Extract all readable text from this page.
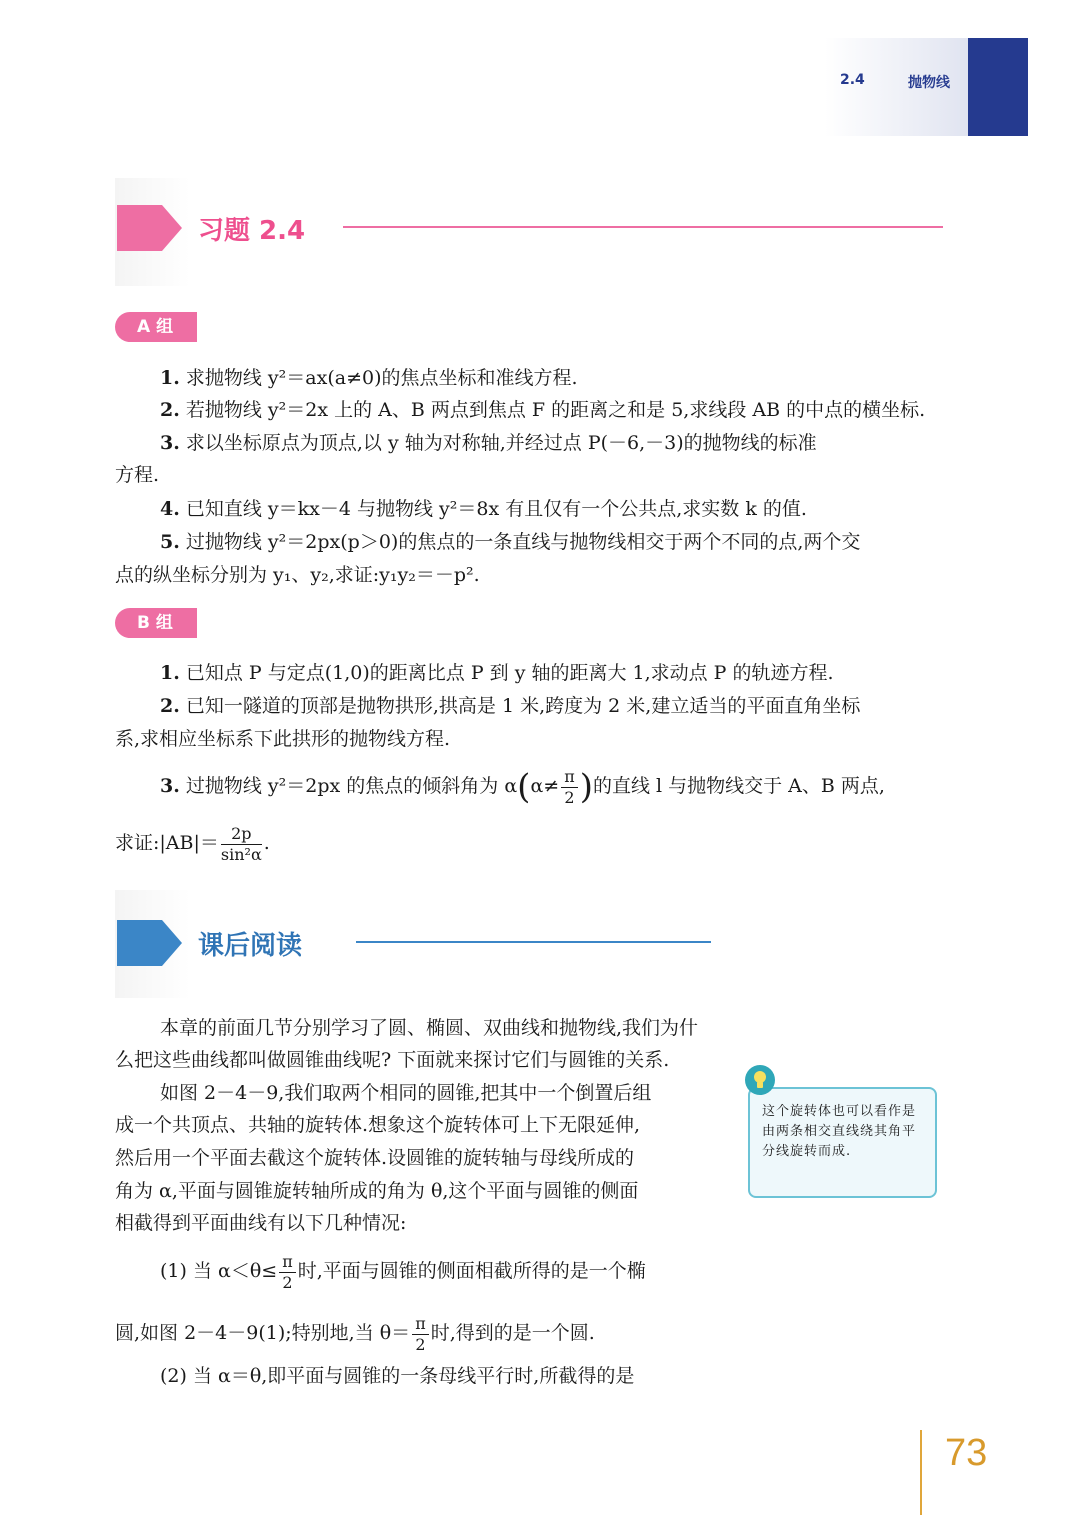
2.4	抛物线
习题 2.4
A 组
1. 求抛物线 y²＝ax(a≠0)的焦点坐标和准线方程.
2. 若抛物线 y²＝2x 上的 A、B 两点到焦点 F 的距离之和是 5,求线段 AB 的中点的横坐标.
3. 求以坐标原点为顶点,以 y 轴为对称轴,并经过点 P(－6,－3)的抛物线的标准
方程.
4. 已知直线 y＝kx－4 与抛物线 y²＝8x 有且仅有一个公共点,求实数 k 的值.
5. 过抛物线 y²＝2px(p＞0)的焦点的一条直线与抛物线相交于两个不同的点,两个交
点的纵坐标分别为 y₁、y₂,求证:y₁y₂＝－p².
B 组
1. 已知点 P 与定点(1,0)的距离比点 P 到 y 轴的距离大 1,求动点 P 的轨迹方程.
2. 已知一隧道的顶部是抛物拱形,拱高是 1 米,跨度为 2 米,建立适当的平面直角坐标
系,求相应坐标系下此拱形的抛物线方程.
3. 过抛物线 y²＝2px 的焦点的倾斜角为 $\alpha(\alpha\ne \frac{\pi}{2}$ )的直线 l 与抛物线交于 A、B 两点,
求证:|AB|＝ $\frac{2p}{\text{sin²α}}$ .
课后阅读
本章的前面几节分别学习了圆、椭圆、双曲线和抛物线,我们为什
么把这些曲线都叫做圆锥曲线呢? 下面就来探讨它们与圆锥的关系.
如图 2－4－9,我们取两个相同的圆锥,把其中一个倒置后组
成一个共顶点、共轴的旋转体.想象这个旋转体可上下无限延伸,
然后用一个平面去截这个旋转体.设圆锥的旋转轴与母线所成的
角为 α,平面与圆锥旋转轴所成的角为 θ,这个平面与圆锥的侧面
相截得到平面曲线有以下几种情况:
(1) 当 $\alpha<\theta\le \frac{\pi}{2}$ 时,平面与圆锥的侧面相截所得的是一个椭
圆,如图 2－4－9(1);特别地,当 $\theta= \frac{\pi}{2}$ 时,得到的是一个圆.
(2) 当 α＝θ,即平面与圆锥的一条母线平行时,所截得的是
这个旋转体也可以看作是由两条相交直线绕其角平分线旋转而成.
73
